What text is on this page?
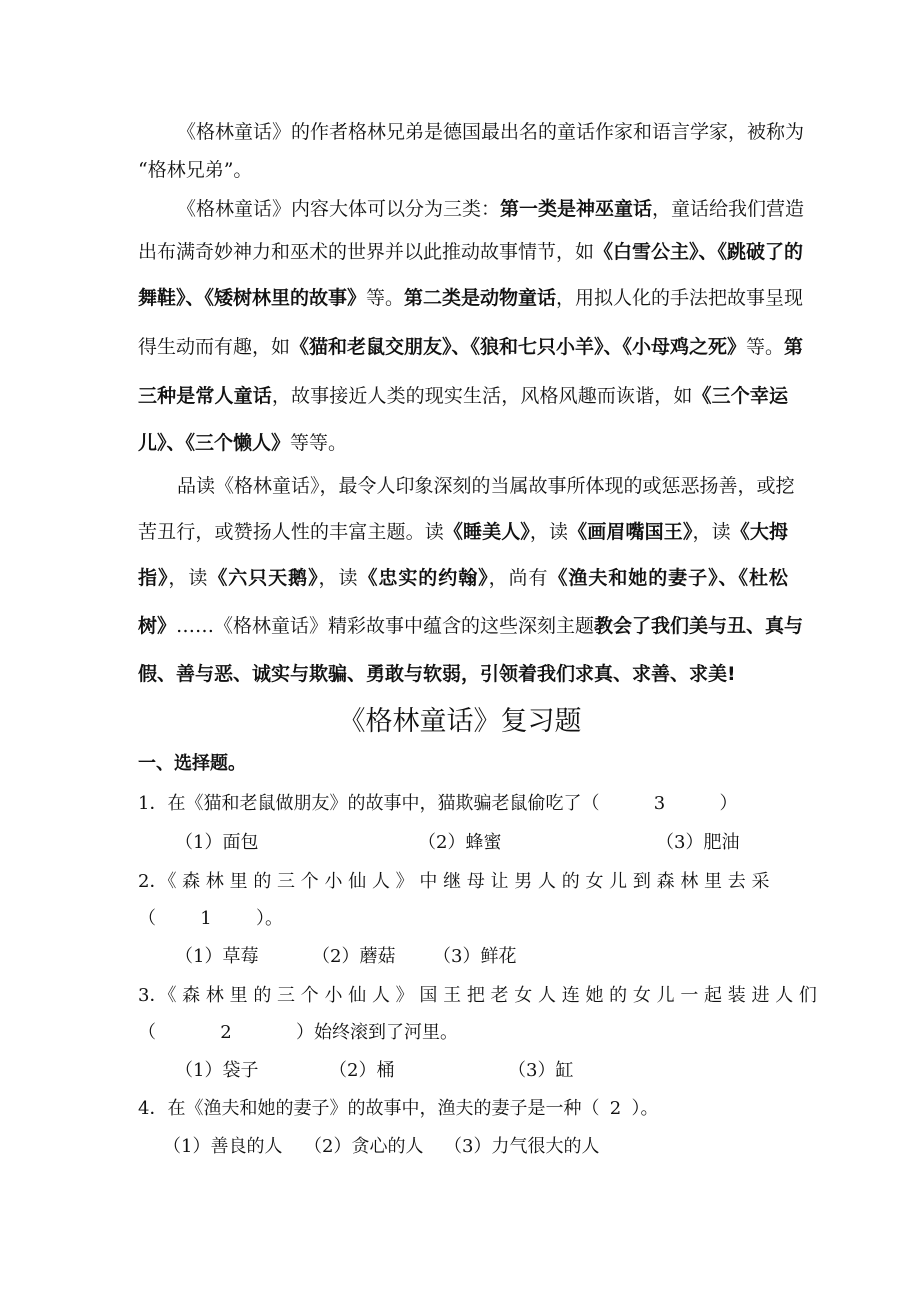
《格林童话》的作者格林兄弟是德国最出名的童话作家和语言学家，被称为
“格林兄弟”。
《格林童话》内容大体可以分为三类：第一类是神巫童话，童话给我们营造
出布满奇妙神力和巫术的世界并以此推动故事情节，如《白雪公主》、《跳破了的
舞鞋》、《矮树林里的故事》等。第二类是动物童话，用拟人化的手法把故事呈现
得生动而有趣，如《猫和老鼠交朋友》、《狼和七只小羊》、《小母鸡之死》等。第
三种是常人童话，故事接近人类的现实生活，风格风趣而诙谐，如《三个幸运
儿》、《三个懒人》等等。
品读《格林童话》，最令人印象深刻的当属故事所体现的或惩恶扬善，或挖
苦丑行，或赞扬人性的丰富主题。读《睡美人》，读《画眉嘴国王》，读《大拇
指》，读《六只天鹅》，读《忠实的约翰》，尚有《渔夫和她的妻子》、《杜松
树》……《格林童话》精彩故事中蕴含的这些深刻主题教会了我们美与丑、真与
假、善与恶、诚实与欺骗、勇敢与软弱，引领着我们求真、求善、求美!
《格林童话》复习题
一、选择题。
1．在《猫和老鼠做朋友》的故事中，猫欺骗老鼠偷吃了（	3	）
（1）面包	（2）蜂蜜	（3）肥油
2．《 森 林 里 的 三 个 小 仙 人 》 中 继 母 让 男 人 的 女 儿 到 森 林 里 去 采
（ 1 ）。
（1）草莓	（2）蘑菇 （3）鲜花
3．《 森 林 里 的 三 个 小 仙 人 》 国 王 把 老 女 人 连 她 的 女 儿 一 起 装 进 人 们
（	2	）始终滚到了河里。
（1）袋子	（2）桶	（3）缸
4．在《渔夫和她的妻子》的故事中，渔夫的妻子是一种（ 2 ）。
（1）善良的人 （2）贪心的人 （3）力气很大的人
